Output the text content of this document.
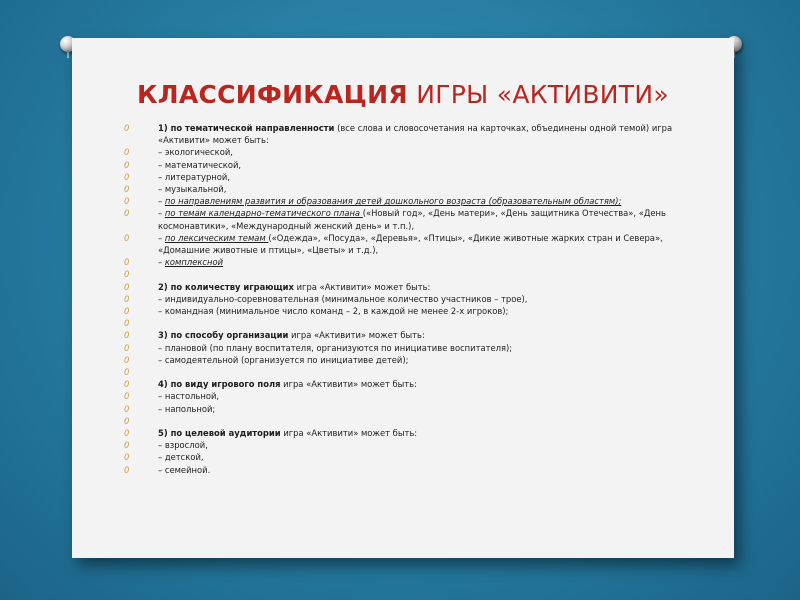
КЛАССИФИКАЦИЯ ИГРЫ «АКТИВИТИ»
0	1) по тематической направленности (все слова и словосочетания на карточках, объединены одной темой) игра «Активити» может быть:
0	– экологической,
0	– математической,
0	– литературной,
0	– музыкальной,
0	– по направлениям развития и образования детей дошкольного возраста (образовательным областям);
0	– по темам календарно-тематического плана («Новый год», «День матери», «День защитника Отечества», «День космонавтики», «Международный женский день» и т.п.),
0	– по лексическим темам («Одежда», «Посуда», «Деревья», «Птицы», «Дикие животные жарких стран и Севера», «Домашние животные и птицы», «Цветы» и т.д.),
0	– комплексной
0
0	2) по количеству играющих игра «Активити» может быть:
0	– индивидуально-соревновательная (минимальное количество участников – трое),
0	– командная (минимальное число команд – 2, в каждой не менее 2-х игроков);
0
0	3) по способу организации игра «Активити» может быть:
0	– плановой (по плану воспитателя, организуются по инициативе воспитателя);
0	– самодеятельной (организуется по инициативе детей);
0
0	4) по виду игрового поля игра «Активити» может быть:
0	– настольной,
0	– напольной;
0
0	5) по целевой аудитории игра «Активити» может быть:
0	– взрослой,
0	– детской,
0	– семейной.
